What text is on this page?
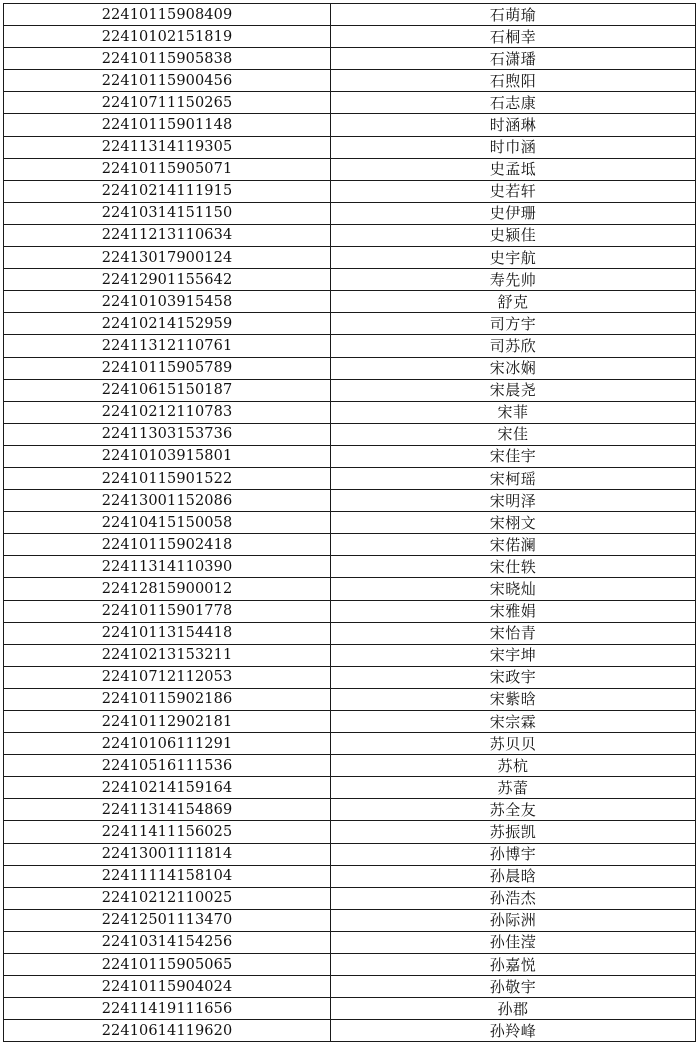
22410115908409	石萌瑜
22410102151819	石桐幸
22410115905838	石潇璠
22410115900456	石煦阳
22410711150265	石志康
22410115901148	时涵琳
22411314119305	时巾涵
22410115905071	史孟坻
22410214111915	史若轩
22410314151150	史伊珊
22411213110634	史颍佳
22413017900124	史宇航
22412901155642	寿先帅
22410103915458	舒克
22410214152959	司方宇
22411312110761	司苏欣
22410115905789	宋冰娴
22410615150187	宋晨尧
22410212110783	宋菲
22411303153736	宋佳
22410103915801	宋佳宇
22410115901522	宋柯瑶
22413001152086	宋明泽
22410415150058	宋栩文
22410115902418	宋偌澜
22411314110390	宋仕轶
22412815900012	宋晓灿
22410115901778	宋雅娟
22410113154418	宋怡青
22410213153211	宋宇坤
22410712112053	宋政宇
22410115902186	宋紫晗
22410112902181	宋宗霖
22410106111291	苏贝贝
22410516111536	苏杭
22410214159164	苏蕾
22411314154869	苏全友
22411411156025	苏振凯
22413001111814	孙博宇
22411114158104	孙晨晗
22410212110025	孙浩杰
22412501113470	孙际洲
22410314154256	孙佳滢
22410115905065	孙嘉悦
22410115904024	孙敬宇
22411419111656	孙郡
22410614119620	孙羚峰
